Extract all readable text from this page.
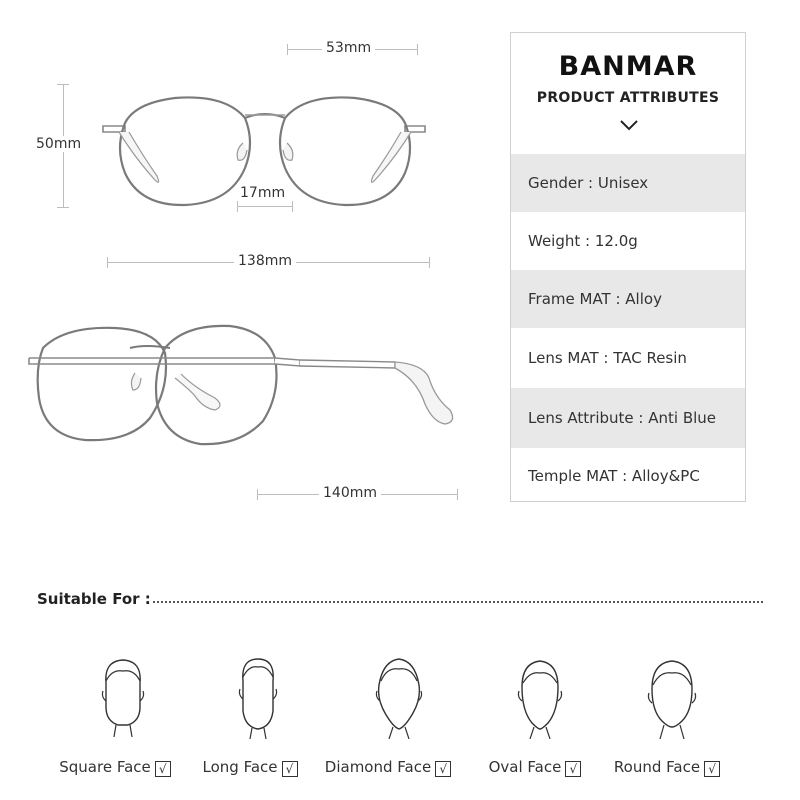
53mm
50mm
17mm
138mm
140mm
BANMAR
PRODUCT ATTRIBUTES
Gender : Unisex
Weight : 12.0g
Frame MAT : Alloy
Lens MAT : TAC Resin
Lens Attribute : Anti Blue
Temple MAT : Alloy&PC
Suitable For :
Square Face √	Long Face √	Diamond Face √	Oval Face √	Round Face √
